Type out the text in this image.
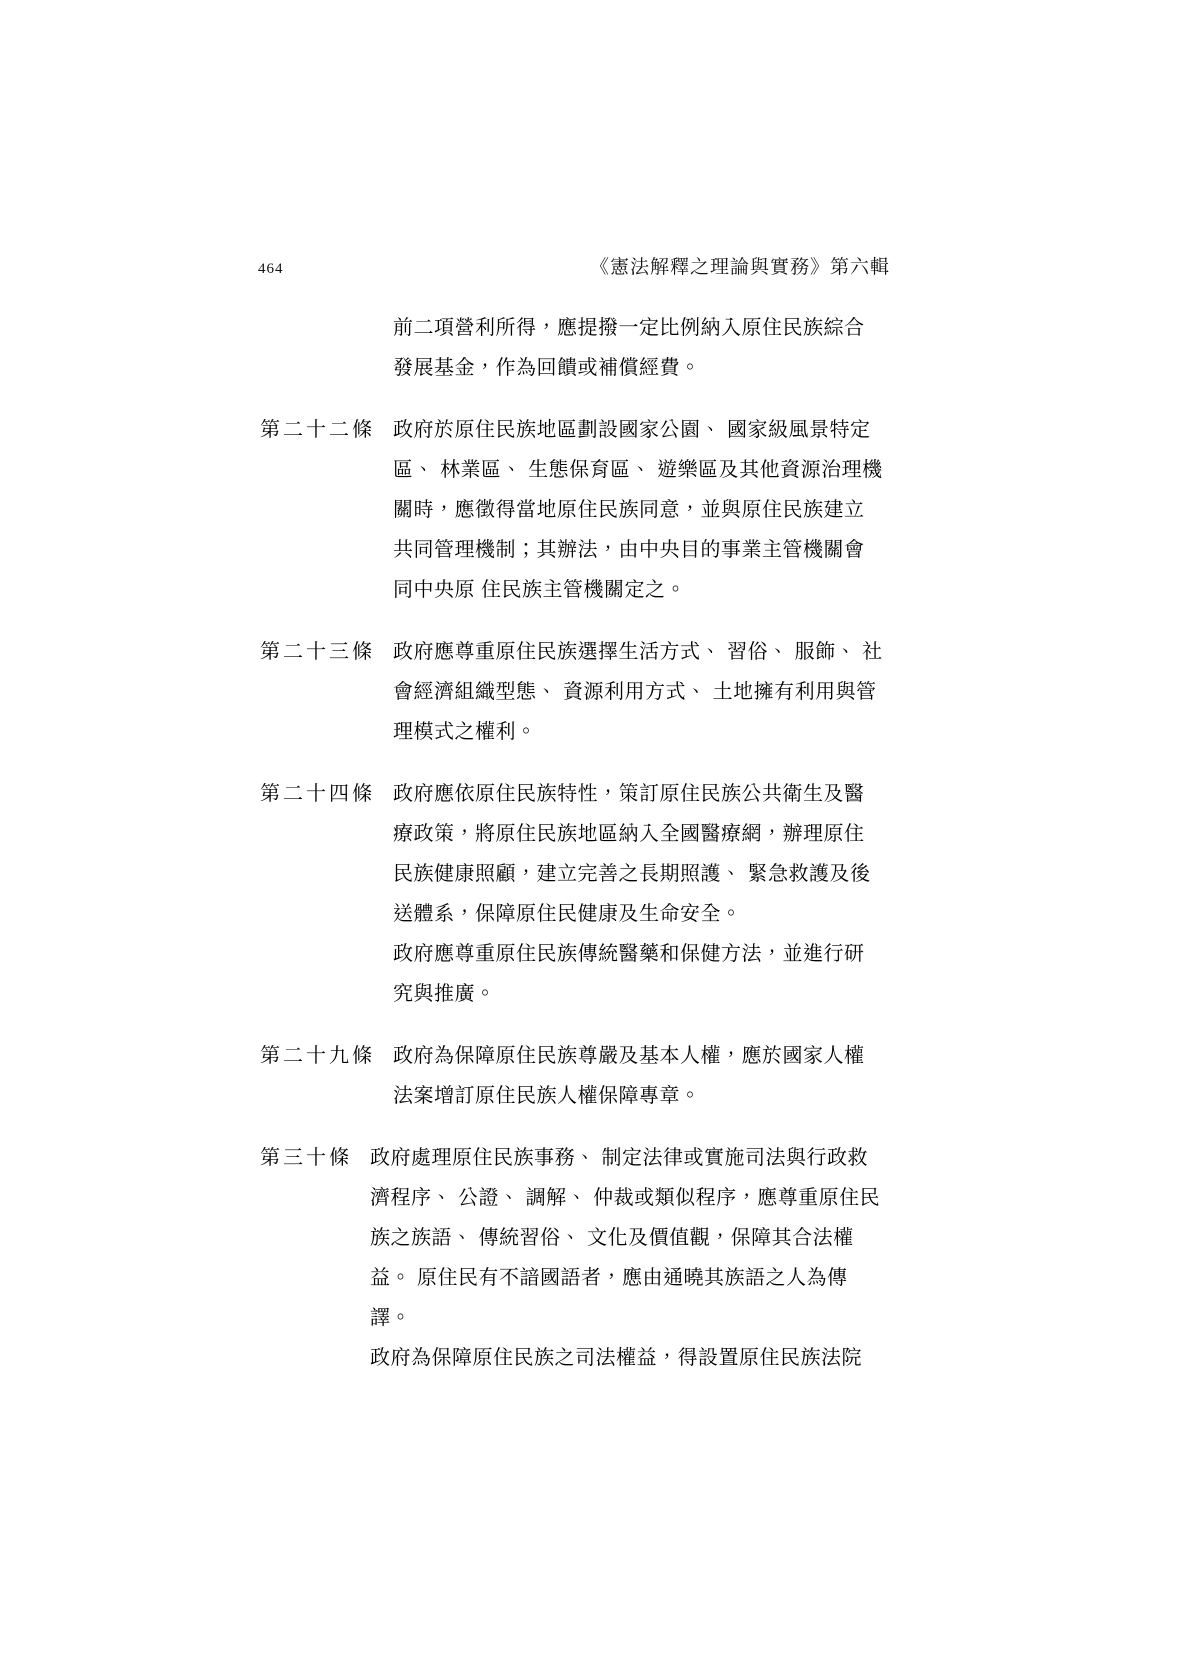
464	《憲法解釋之理論與實務》第六輯
前二項營利所得，應提撥一定比例納入原住民族綜合
發展基金，作為回饋或補償經費。
第二十二條 政府於原住民族地區劃設國家公園、 國家級風景特定
區、 林業區、 生態保育區、 遊樂區及其他資源治理機
關時，應徵得當地原住民族同意，並與原住民族建立
共同管理機制；其辦法，由中央目的事業主管機關會
同中央原 住民族主管機關定之。
第二十三條 政府應尊重原住民族選擇生活方式、 習俗、 服飾、 社
會經濟組織型態、 資源利用方式、 土地擁有利用與管
理模式之權利。
第二十四條 政府應依原住民族特性，策訂原住民族公共衛生及醫
療政策，將原住民族地區納入全國醫療網，辦理原住
民族健康照顧，建立完善之長期照護、 緊急救護及後
送體系，保障原住民健康及生命安全。
政府應尊重原住民族傳統醫藥和保健方法，並進行研
究與推廣。
第二十九條 政府為保障原住民族尊嚴及基本人權，應於國家人權
法案增訂原住民族人權保障專章。
第三十條 政府處理原住民族事務、 制定法律或實施司法與行政救
濟程序、 公證、 調解、 仲裁或類似程序，應尊重原住民
族之族語、 傳統習俗、 文化及價值觀，保障其合法權
益。 原住民有不諳國語者，應由通曉其族語之人為傳
譯。
政府為保障原住民族之司法權益，得設置原住民族法院
